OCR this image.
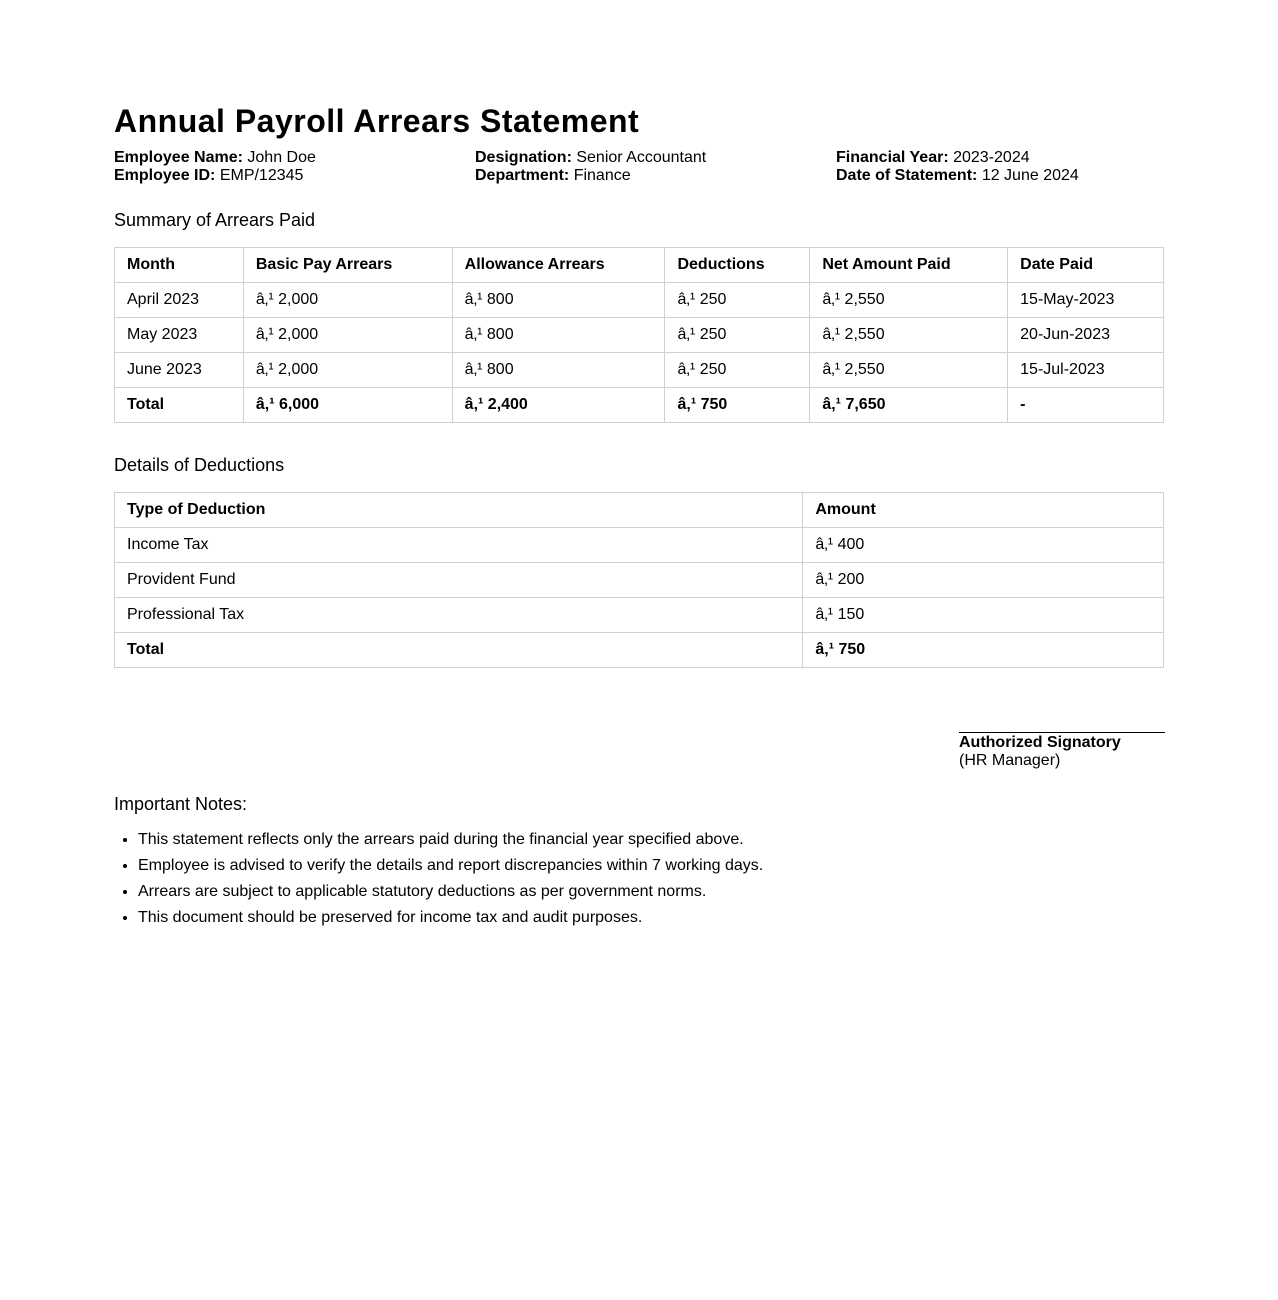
Annual Payroll Arrears Statement
Employee Name: John Doe
Employee ID: EMP/12345
Designation: Senior Accountant
Department: Finance
Financial Year: 2023-2024
Date of Statement: 12 June 2024
Summary of Arrears Paid
Month	Basic Pay Arrears	Allowance Arrears	Deductions	Net Amount Paid	Date Paid
April 2023	â‚¹ 2,000	â‚¹ 800	â‚¹ 250	â‚¹ 2,550	15-May-2023
May 2023	â‚¹ 2,000	â‚¹ 800	â‚¹ 250	â‚¹ 2,550	20-Jun-2023
June 2023	â‚¹ 2,000	â‚¹ 800	â‚¹ 250	â‚¹ 2,550	15-Jul-2023
Total	â‚¹ 6,000	â‚¹ 2,400	â‚¹ 750	â‚¹ 7,650	-
Details of Deductions
Type of Deduction	Amount
Income Tax	â‚¹ 400
Provident Fund	â‚¹ 200
Professional Tax	â‚¹ 150
Total	â‚¹ 750
Authorized Signatory
(HR Manager)
Important Notes:
• This statement reflects only the arrears paid during the financial year specified above.
• Employee is advised to verify the details and report discrepancies within 7 working days.
• Arrears are subject to applicable statutory deductions as per government norms.
• This document should be preserved for income tax and audit purposes.
